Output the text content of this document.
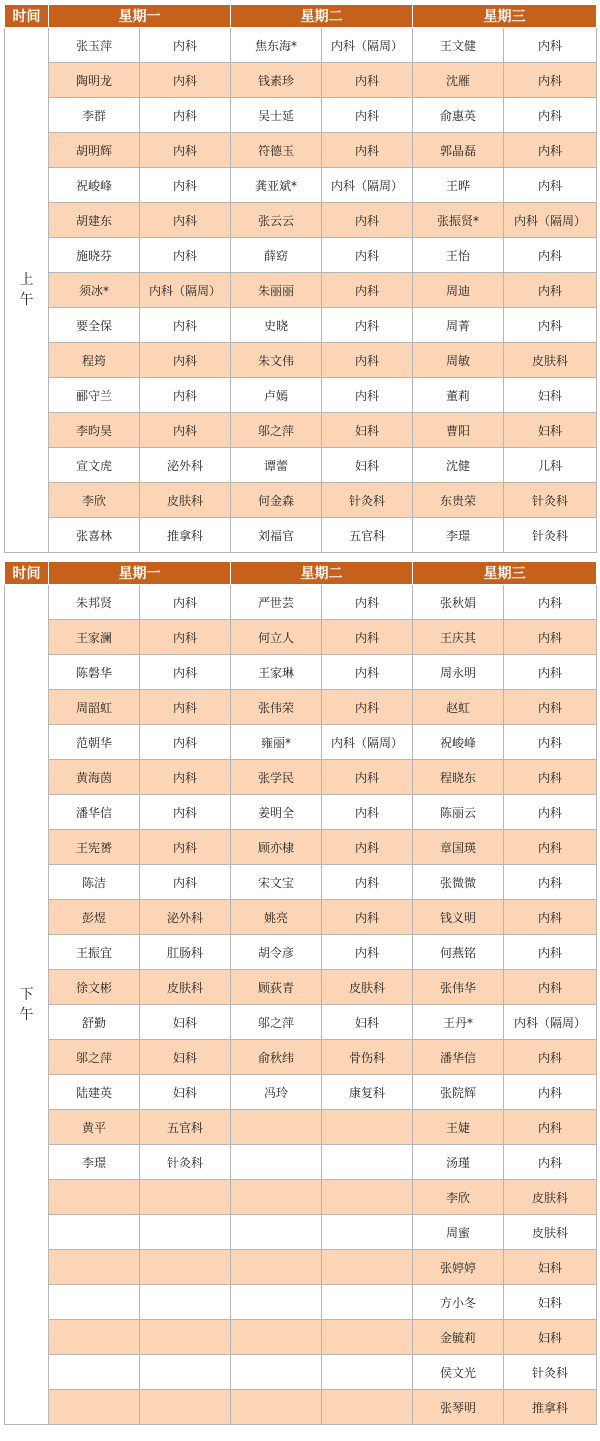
时间	星期一		星期二		星期三	

上
午	张玉萍	内科	焦东海*	内科（隔周）	王文健	内科
	陶明龙	内科	钱素珍	内科	沈雁	内科
	李群	内科	吴士延	内科	俞惠英	内科
	胡明辉	内科	符德玉	内科	郭晶磊	内科
	祝峻峰	内科	龚亚斌*	内科（隔周）	王晔	内科
	胡建东	内科	张云云	内科	张振贤*	内科（隔周）
	施晓芬	内科	薛窈	内科	王怡	内科
	须冰*	内科（隔周）	朱丽丽	内科	周迪	内科
	要全保	内科	史晓	内科	周菁	内科
	程筠	内科	朱文伟	内科	周敏	皮肤科
	郦守兰	内科	卢嫣	内科	董莉	妇科
	李昀昊	内科	邬之萍	妇科	曹阳	妇科
	宣文虎	泌外科	谭蕾	妇科	沈健	儿科
	李欣	皮肤科	何金森	针灸科	东贵荣	针灸科
	张喜林	推拿科	刘福官	五官科	李璟	针灸科
时间	星期一		星期二		星期三	

下
午	朱邦贤	内科	严世芸	内科	张秋娟	内科
	王家澜	内科	何立人	内科	王庆其	内科
	陈磐华	内科	王家琳	内科	周永明	内科
	周韶虹	内科	张伟荣	内科	赵虹	内科
	范朝华	内科	雍丽*	内科（隔周）	祝峻峰	内科
	黄海茵	内科	张学民	内科	程晓东	内科
	潘华信	内科	姜明全	内科	陈丽云	内科
	王宪赟	内科	顾亦棣	内科	章国瑛	内科
	陈洁	内科	宋文宝	内科	张微微	内科
	彭煜	泌外科	姚亮	内科	钱义明	内科
	王振宜	肛肠科	胡令彦	内科	何燕铭	内科
	徐文彬	皮肤科	顾荻青	皮肤科	张伟华	内科
	舒勤	妇科	邬之萍	妇科	王丹*	内科（隔周）
	邬之萍	妇科	俞秋纬	骨伤科	潘华信	内科
	陆建英	妇科	冯玲	康复科	张院辉	内科
	黄平	五官科			王婕	内科
	李璟	针灸科			汤瑾	内科
					李欣	皮肤科
					周蜜	皮肤科
					张婷婷	妇科
					方小冬	妇科
					金毓莉	妇科
					侯文光	针灸科
					张琴明	推拿科
